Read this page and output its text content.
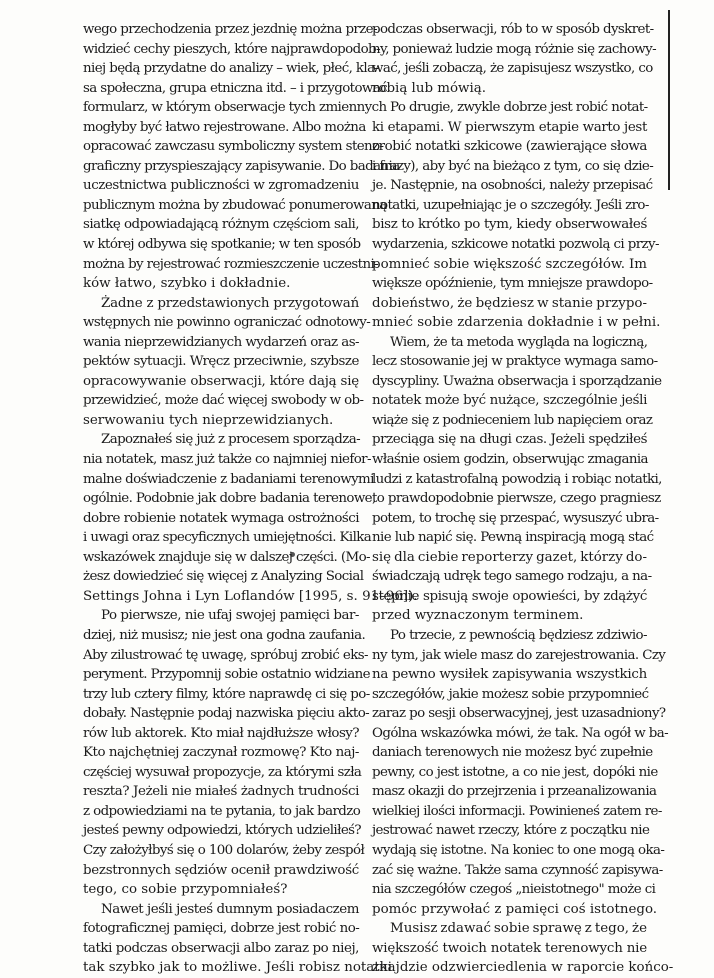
wego przechodzenia przez jezdnię można prze-
widzieć cechy pieszych, które najprawdopodob-
niej będą przydatne do analizy – wiek, płeć, kla-
sa społeczna, grupa etniczna itd. – i przygotować
formularz, w którym obserwacje tych zmiennych
mogłyby być łatwo rejestrowane. Albo można
opracować zawczasu symboliczny system steno-
graficzny przyspieszający zapisywanie. Do badania
uczestnictwa publiczności w zgromadzeniu
publicznym można by zbudować ponumerowaną
siatkę odpowiadającą różnym częściom sali,
w której odbywa się spotkanie; w ten sposób
można by rejestrować rozmieszczenie uczestni-
ków łatwo, szybko i dokładnie.
Żadne z przedstawionych przygotowań
wstępnych nie powinno ograniczać odnotowy-
wania nieprzewidzianych wydarzeń oraz as-
pektów sytuacji. Wręcz przeciwnie, szybsze
opracowywanie obserwacji, które dają się
przewidzieć, może dać więcej swobody w ob-
serwowaniu tych nieprzewidzianych.
Zapoznałeś się już z procesem sporządza-
nia notatek, masz już także co najmniej niefor-
malne doświadczenie z badaniami terenowymi
ogólnie. Podobnie jak dobre badania terenowe,
dobre robienie notatek wymaga ostrożności
i uwagi oraz specyficznych umiejętności. Kilka
wskazówek znajduje się w dalszej części. (Mo-
żesz dowiedzieć się więcej z Analyzing Social
Settings Johna i Lyn Loflandów [1995, s. 91–96]).
Po pierwsze, nie ufaj swojej pamięci bar-
dziej, niż musisz; nie jest ona godna zaufania.
Aby zilustrować tę uwagę, spróbuj zrobić eks-
peryment. Przypomnij sobie ostatnio widziane
trzy lub cztery filmy, które naprawdę ci się po-
dobały. Następnie podaj nazwiska pięciu akto-
rów lub aktorek. Kto miał najdłuższe włosy?
Kto najchętniej zaczynał rozmowę? Kto naj-
częściej wysuwał propozycje, za którymi szła
reszta? Jeżeli nie miałeś żadnych trudności
z odpowiedziami na te pytania, to jak bardzo
jesteś pewny odpowiedzi, których udzieliłeś?
Czy założyłbyś się o 100 dolarów, żeby zespół
bezstronnych sędziów ocenił prawdziwość
tego, co sobie przypomniałeś?
Nawet jeśli jesteś dumnym posiadaczem
fotograficznej pamięci, dobrze jest robić no-
tatki podczas obserwacji albo zaraz po niej,
tak szybko jak to możliwe. Jeśli robisz notatki
podczas obserwacji, rób to w sposób dyskret-
ny, ponieważ ludzie mogą różnie się zachowy-
wać, jeśli zobaczą, że zapisujesz wszystko, co
robią lub mówią.
Po drugie, zwykle dobrze jest robić notat-
ki etapami. W pierwszym etapie warto jest
zrobić notatki szkicowe (zawierające słowa
i frazy), aby być na bieżąco z tym, co się dzie-
je. Następnie, na osobności, należy przepisać
notatki, uzupełniając je o szczegóły. Jeśli zro-
bisz to krótko po tym, kiedy obserwowałeś
wydarzenia, szkicowe notatki pozwolą ci przy-
pomnieć sobie większość szczegółów. Im
większe opóźnienie, tym mniejsze prawdopo-
dobieństwo, że będziesz w stanie przypo-
mnieć sobie zdarzenia dokładnie i w pełni.
Wiem, że ta metoda wygląda na logiczną,
lecz stosowanie jej w praktyce wymaga samo-
dyscypliny. Uważna obserwacja i sporządzanie
notatek może być nużące, szczególnie jeśli
wiąże się z podnieceniem lub napięciem oraz
przeciąga się na długi czas. Jeżeli spędziłeś
właśnie osiem godzin, obserwując zmagania
ludzi z katastrofalną powodzią i robiąc notatki,
to prawdopodobnie pierwsze, czego pragniesz
potem, to trochę się przespać, wysuszyć ubra-
nie lub napić się. Pewną inspiracją mogą stać
się dla ciebie reporterzy gazet, którzy do-
świadczają udręk tego samego rodzaju, a na-
stępnie spisują swoje opowieści, by zdążyć
przed wyznaczonym terminem.
Po trzecie, z pewnością będziesz zdziwio-
ny tym, jak wiele masz do zarejestrowania. Czy
na pewno wysiłek zapisywania wszystkich
szczegółów, jakie możesz sobie przypomnieć
zaraz po sesji obserwacyjnej, jest uzasadniony?
Ogólna wskazówka mówi, że tak. Na ogół w ba-
daniach terenowych nie możesz być zupełnie
pewny, co jest istotne, a co nie jest, dopóki nie
masz okazji do przejrzenia i przeanalizowania
wielkiej ilości informacji. Powinieneś zatem re-
jestrować nawet rzeczy, które z początku nie
wydają się istotne. Na koniec to one mogą oka-
zać się ważne. Także sama czynność zapisywa-
nia szczegółów czegoś „nieistotnego" może ci
pomóc przywołać z pamięci coś istotnego.
Musisz zdawać sobie sprawę z tego, że
większość twoich notatek terenowych nie
znajdzie odzwierciedlenia w raporcie końco-
